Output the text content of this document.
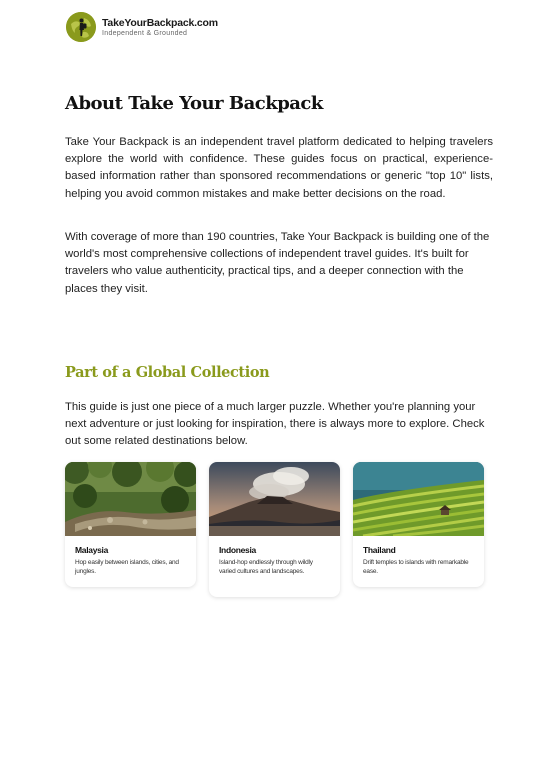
TakeYourBackpack.com
Independent & Grounded
About Take Your Backpack

Take Your Backpack is an independent travel platform dedicated to helping travelers explore the world with confidence. These guides focus on practical, experience-based information rather than sponsored recommendations or generic "top 10" lists, helping you avoid common mistakes and make better decisions on the road.

With coverage of more than 190 countries, Take Your Backpack is building one of the world's most comprehensive collections of independent travel guides. It's built for travelers who value authenticity, practical tips, and a deeper connection with the places they visit.

Part of a Global Collection

This guide is just one piece of a much larger puzzle. Whether you're planning your next adventure or just looking for inspiration, there is always more to explore. Check out some related destinations below.

Malaysia
Hop easily between islands, cities, and jungles.
Indonesia
Island-hop endlessly through wildly varied cultures and landscapes.
Thailand
Drift temples to islands with remarkable ease.
